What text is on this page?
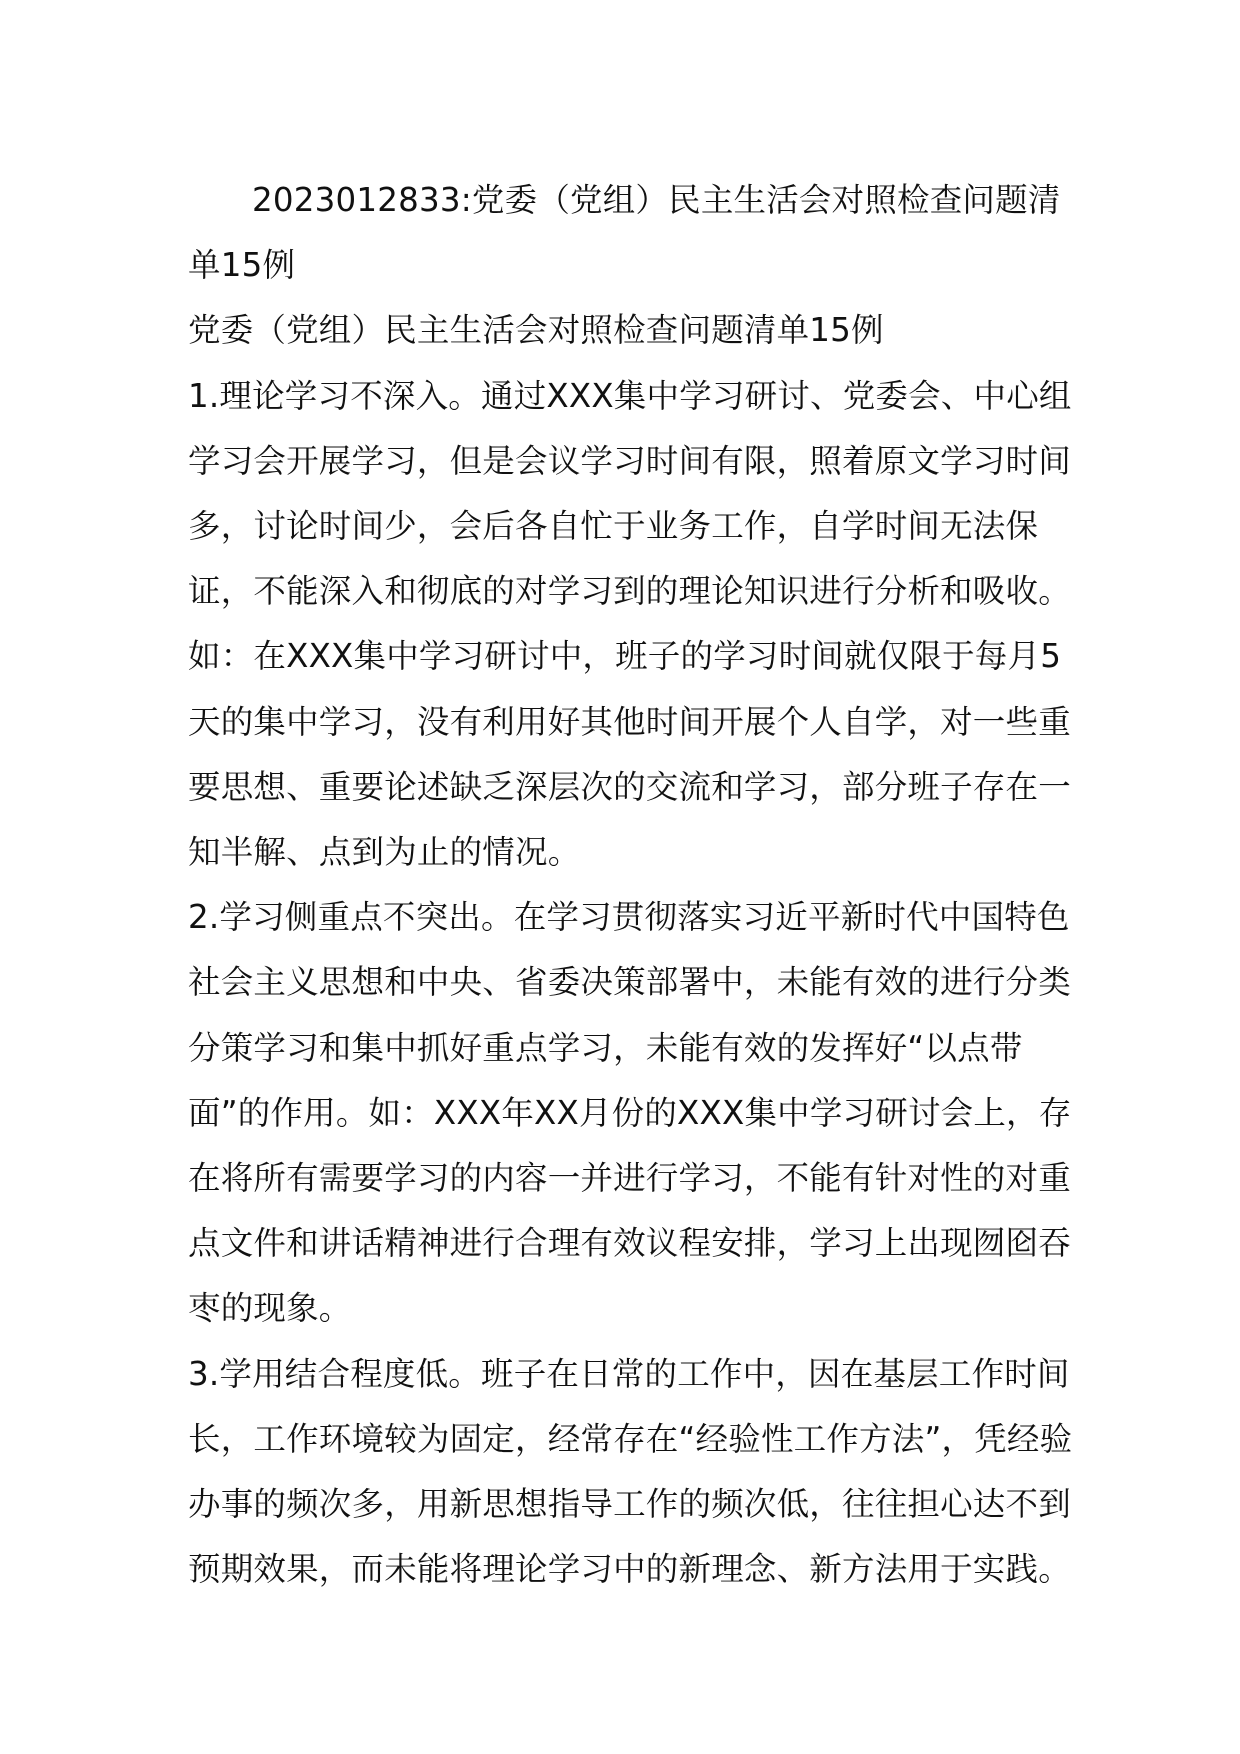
2023012833:党委（党组）民主生活会对照检查问题清单15例

党委（党组）民主生活会对照检查问题清单15例

1.理论学习不深入。通过XXX集中学习研讨、党委会、中心组学习会开展学习，但是会议学习时间有限，照着原文学习时间多，讨论时间少，会后各自忙于业务工作，自学时间无法保证，不能深入和彻底的对学习到的理论知识进行分析和吸收。如：在XXX集中学习研讨中，班子的学习时间就仅限于每月5天的集中学习，没有利用好其他时间开展个人自学，对一些重要思想、重要论述缺乏深层次的交流和学习，部分班子存在一知半解、点到为止的情况。

2.学习侧重点不突出。在学习贯彻落实习近平新时代中国特色社会主义思想和中央、省委决策部署中，未能有效的进行分类分策学习和集中抓好重点学习，未能有效的发挥好“以点带面”的作用。如：XXX年XX月份的XXX集中学习研讨会上，存在将所有需要学习的内容一并进行学习，不能有针对性的对重点文件和讲话精神进行合理有效议程安排，学习上出现囫囵吞枣的现象。

3.学用结合程度低。班子在日常的工作中，因在基层工作时间长，工作环境较为固定，经常存在“经验性工作方法”，凭经验办事的频次多，用新思想指导工作的频次低，往往担心达不到预期效果，而未能将理论学习中的新理念、新方法用于实践。
